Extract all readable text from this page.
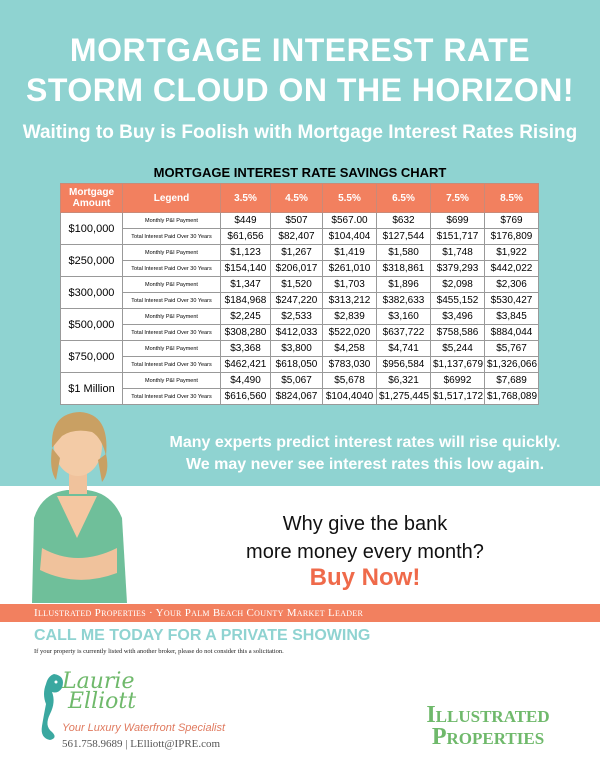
MORTGAGE INTEREST RATE
STORM CLOUD ON THE HORIZON!
Waiting to Buy is Foolish with Mortgage Interest Rates Rising
MORTGAGE INTEREST RATE SAVINGS CHART
Mortgage Amount	Legend	3.5%	4.5%	5.5%	6.5%	7.5%	8.5%
$100,000	Monthly P&I Payment	$449	$507	$567.00	$632	$699	$769
	Total Interest Paid Over 30 Years	$61,656	$82,407	$104,404	$127,544	$151,717	$176,809
$250,000	Monthly P&I Payment	$1,123	$1,267	$1,419	$1,580	$1,748	$1,922
	Total Interest Paid Over 30 Years	$154,140	$206,017	$261,010	$318,861	$379,293	$442,022
$300,000	Monthly P&I Payment	$1,347	$1,520	$1,703	$1,896	$2,098	$2,306
	Total Interest Paid Over 30 Years	$184,968	$247,220	$313,212	$382,633	$455,152	$530,427
$500,000	Monthly P&I Payment	$2,245	$2,533	$2,839	$3,160	$3,496	$3,845
	Total Interest Paid Over 30 Years	$308,280	$412,033	$522,020	$637,722	$758,586	$884,044
$750,000	Monthly P&I Payment	$3,368	$3,800	$4,258	$4,741	$5,244	$5,767
	Total Interest Paid Over 30 Years	$462,421	$618,050	$783,030	$956,584	$1,137,679	$1,326,066
$1 Million	Monthly P&I Payment	$4,490	$5,067	$5,678	$6,321	$6992	$7,689
	Total Interest Paid Over 30 Years	$616,560	$824,067	$104,4040	$1,275,445	$1,517,172	$1,768,089
Many experts predict interest rates will rise quickly.
We may never see interest rates this low again.
Why give the bank
more money every month?
Buy Now!
Illustrated Properties · Your Palm Beach County Market Leader
CALL ME TODAY FOR A PRIVATE SHOWING
If your property is currently listed with another broker, please do not consider this a solicitation.
Laurie
Elliott
Your Luxury Waterfront Specialist
561.758.9689 | LElliott@IPRE.com
Illustrated
Properties
